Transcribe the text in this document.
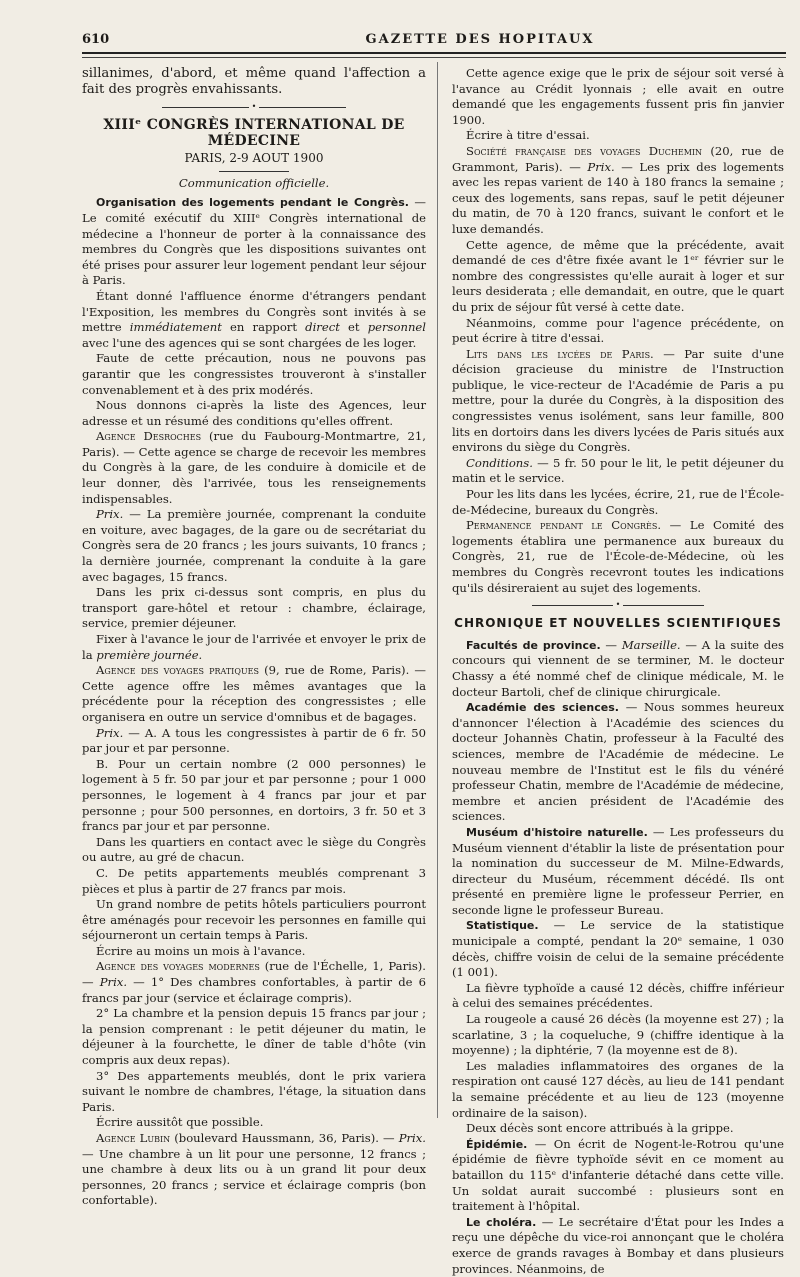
610	GAZETTE DES HOPITAUX

sillanimes, d'abord, et même quand l'affection a fait des progrès envahissants.

•
XIIIᵉ CONGRÈS INTERNATIONAL DE MÉDECINE
PARIS, 2-9 AOUT 1900
Communication officielle.

Organisation des logements pendant le Congrès. — Le comité exécutif du XIIIᵉ Congrès international de médecine a l'honneur de porter à la connaissance des membres du Congrès que les dispositions suivantes ont été prises pour assurer leur logement pendant leur séjour à Paris.

Étant donné l'affluence énorme d'étrangers pendant l'Exposition, les membres du Congrès sont invités à se mettre immédiatement en rapport direct et personnel avec l'une des agences qui se sont chargées de les loger.

Faute de cette précaution, nous ne pouvons pas garantir que les congressistes trouveront à s'installer convenablement et à des prix modérés.

Nous donnons ci-après la liste des Agences, leur adresse et un résumé des conditions qu'elles offrent.

Agence Desroches (rue du Faubourg-Montmartre, 21, Paris). — Cette agence se charge de recevoir les membres du Congrès à la gare, de les conduire à domicile et de leur donner, dès l'arrivée, tous les renseignements indispensables.

Prix. — La première journée, comprenant la conduite en voiture, avec bagages, de la gare ou de secrétariat du Congrès sera de 20 francs ; les jours suivants, 10 francs ; la dernière journée, comprenant la conduite à la gare avec bagages, 15 francs.

Dans les prix ci-dessus sont compris, en plus du transport gare-hôtel et retour : chambre, éclairage, service, premier déjeuner.

Fixer à l'avance le jour de l'arrivée et envoyer le prix de la première journée.

Agence des voyages pratiques (9, rue de Rome, Paris). — Cette agence offre les mêmes avantages que la précédente pour la réception des congressistes ; elle organisera en outre un service d'omnibus et de bagages.

Prix. — A. A tous les congressistes à partir de 6 fr. 50 par jour et par personne.

B. Pour un certain nombre (2 000 personnes) le logement à 5 fr. 50 par jour et par personne ; pour 1 000 personnes, le logement à 4 francs par jour et par personne ; pour 500 personnes, en dortoirs, 3 fr. 50 et 3 francs par jour et par personne.

Dans les quartiers en contact avec le siège du Congrès ou autre, au gré de chacun.

C. De petits appartements meublés comprenant 3 pièces et plus à partir de 27 francs par mois.

Un grand nombre de petits hôtels particuliers pourront être aménagés pour recevoir les personnes en famille qui séjourneront un certain temps à Paris.

Écrire au moins un mois à l'avance.

Agence des voyages modernes (rue de l'Échelle, 1, Paris). — Prix. — 1° Des chambres confortables, à partir de 6 francs par jour (service et éclairage compris).

2° La chambre et la pension depuis 15 francs par jour ; la pension comprenant : le petit déjeuner du matin, le déjeuner à la fourchette, le dîner de table d'hôte (vin compris aux deux repas).

3° Des appartements meublés, dont le prix variera suivant le nombre de chambres, l'étage, la situation dans Paris.

Écrire aussitôt que possible.

Agence Lubin (boulevard Haussmann, 36, Paris). — Prix. — Une chambre à un lit pour une personne, 12 francs ; une chambre à deux lits ou à un grand lit pour deux personnes, 20 francs ; service et éclairage compris (bon confortable).

Cette agence exige que le prix de séjour soit versé à l'avance au Crédit lyonnais ; elle avait en outre demandé que les engagements fussent pris fin janvier 1900.

Écrire à titre d'essai.

Société française des voyages Duchemin (20, rue de Grammont, Paris). — Prix. — Les prix des logements avec les repas varient de 140 à 180 francs la semaine ; ceux des logements, sans repas, sauf le petit déjeuner du matin, de 70 à 120 francs, suivant le confort et le luxe demandés.

Cette agence, de même que la précédente, avait demandé de ces d'être fixée avant le 1ᵉʳ février sur le nombre des congressistes qu'elle aurait à loger et sur leurs desiderata ; elle demandait, en outre, que le quart du prix de séjour fût versé à cette date.

Néanmoins, comme pour l'agence précédente, on peut écrire à titre d'essai.

Lits dans les lycées de Paris. — Par suite d'une décision gracieuse du ministre de l'Instruction publique, le vice-recteur de l'Académie de Paris a pu mettre, pour la durée du Congrès, à la disposition des congressistes venus isolément, sans leur famille, 800 lits en dortoirs dans les divers lycées de Paris situés aux environs du siège du Congrès.

Conditions. — 5 fr. 50 pour le lit, le petit déjeuner du matin et le service.

Pour les lits dans les lycées, écrire, 21, rue de l'École-de-Médecine, bureaux du Congrès.

Permanence pendant le Congrès. — Le Comité des logements établira une permanence aux bureaux du Congrès, 21, rue de l'École-de-Médecine, où les membres du Congrès recevront toutes les indications qu'ils désireraient au sujet des logements.

•
CHRONIQUE ET NOUVELLES SCIENTIFIQUES

Facultés de province. — Marseille. — A la suite des concours qui viennent de se terminer, M. le docteur Chassy a été nommé chef de clinique médicale, M. le docteur Bartoli, chef de clinique chirurgicale.

Académie des sciences. — Nous sommes heureux d'annoncer l'élection à l'Académie des sciences du docteur Johannès Chatin, professeur à la Faculté des sciences, membre de l'Académie de médecine. Le nouveau membre de l'Institut est le fils du vénéré professeur Chatin, membre de l'Académie de médecine, membre et ancien président de l'Académie des sciences.

Muséum d'histoire naturelle. — Les professeurs du Muséum viennent d'établir la liste de présentation pour la nomination du successeur de M. Milne-Edwards, directeur du Muséum, récemment décédé. Ils ont présenté en première ligne le professeur Perrier, en seconde ligne le professeur Bureau.

Statistique. — Le service de la statistique municipale a compté, pendant la 20ᵉ semaine, 1 030 décès, chiffre voisin de celui de la semaine précédente (1 001).

La fièvre typhoïde a causé 12 décès, chiffre inférieur à celui des semaines précédentes.

La rougeole a causé 26 décès (la moyenne est 27) ; la scarlatine, 3 ; la coqueluche, 9 (chiffre identique à la moyenne) ; la diphtérie, 7 (la moyenne est de 8).

Les maladies inflammatoires des organes de la respiration ont causé 127 décès, au lieu de 141 pendant la semaine précédente et au lieu de 123 (moyenne ordinaire de la saison).

Deux décès sont encore attribués à la grippe.

Épidémie. — On écrit de Nogent-le-Rotrou qu'une épidémie de fièvre typhoïde sévit en ce moment au bataillon du 115ᵉ d'infanterie détaché dans cette ville. Un soldat aurait succombé : plusieurs sont en traitement à l'hôpital.

Le choléra. — Le secrétaire d'État pour les Indes a reçu une dépêche du vice-roi annonçant que le choléra exerce de grands ravages à Bombay et dans plusieurs provinces. Néanmoins, de
